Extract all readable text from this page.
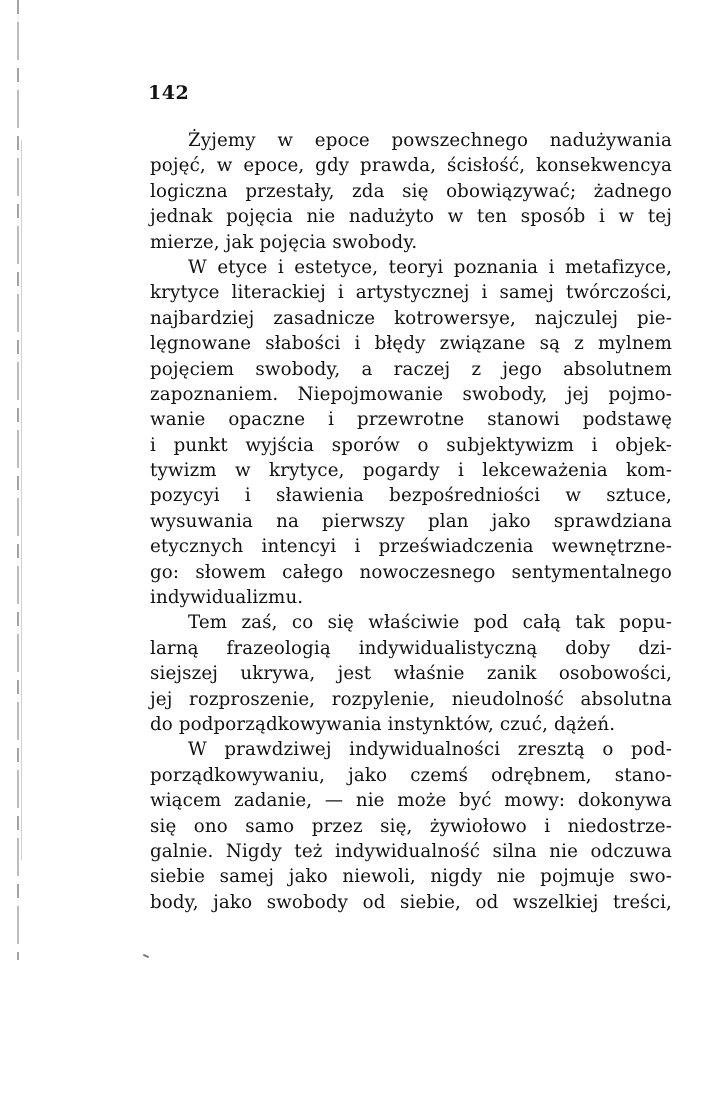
142
Żyjemy w epoce powszechnego nadużywania
pojęć, w epoce, gdy prawda, ścisłość, konsekwencya
logiczna przestały, zda się obowiązywać; żadnego
jednak pojęcia nie nadużyto w ten sposób i w tej
mierze, jak pojęcia swobody.
W etyce i estetyce, teoryi poznania i metafizyce,
krytyce literackiej i artystycznej i samej twórczości,
najbardziej zasadnicze kotrowersye, najczulej pie-
lęgnowane słabości i błędy związane są z mylnem
pojęciem swobody, a raczej z jego absolutnem
zapoznaniem. Niepojmowanie swobody, jej pojmo-
wanie opaczne i przewrotne stanowi podstawę
i punkt wyjścia sporów o subjektywizm i objek-
tywizm w krytyce, pogardy i lekceważenia kom-
pozycyi i sławienia bezpośredniości w sztuce,
wysuwania na pierwszy plan jako sprawdziana
etycznych intencyi i przeświadczenia wewnętrzne-
go: słowem całego nowoczesnego sentymentalnego
indywidualizmu.
Tem zaś, co się właściwie pod całą tak popu-
larną frazeologią indywidualistyczną doby dzi-
siejszej ukrywa, jest właśnie zanik osobowości,
jej rozproszenie, rozpylenie, nieudolność absolutna
do podporządkowywania instynktów, czuć, dążeń.
W prawdziwej indywidualności zresztą o pod-
porządkowywaniu, jako czemś odrębnem, stano-
wiącem zadanie, — nie może być mowy: dokonywa
się ono samo przez się, żywiołowo i niedostrze-
galnie. Nigdy też indywidualność silna nie odczuwa
siebie samej jako niewoli, nigdy nie pojmuje swo-
body, jako swobody od siebie, od wszelkiej treści,
